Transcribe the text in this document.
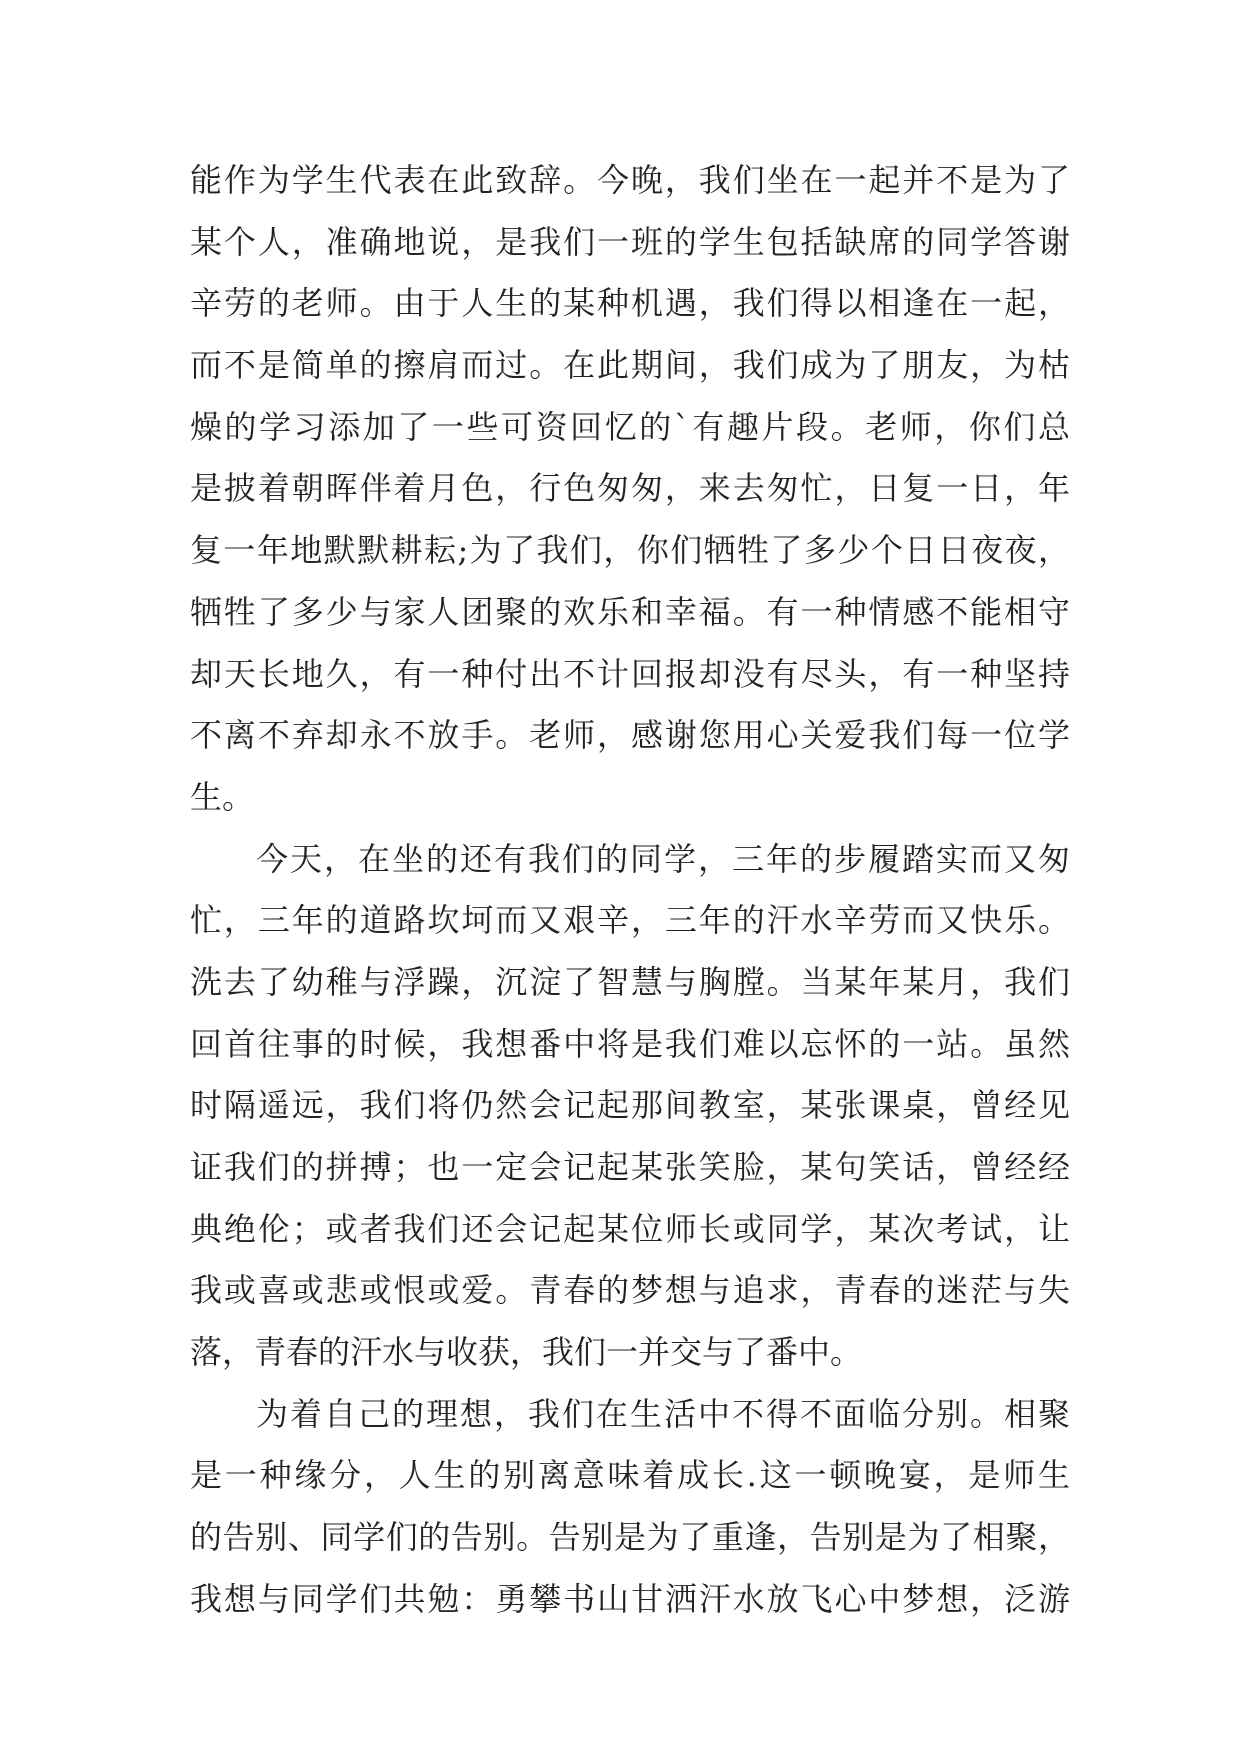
能作为学生代表在此致辞。今晚，我们坐在一起并不是为了
某个人，准确地说，是我们一班的学生包括缺席的同学答谢
辛劳的老师。由于人生的某种机遇，我们得以相逢在一起，
而不是简单的擦肩而过。在此期间，我们成为了朋友，为枯
燥的学习添加了一些可资回忆的`有趣片段。老师，你们总
是披着朝晖伴着月色，行色匆匆，来去匆忙，日复一日，年
复一年地默默耕耘;为了我们，你们牺牲了多少个日日夜夜，
牺牲了多少与家人团聚的欢乐和幸福。有一种情感不能相守
却天长地久，有一种付出不计回报却没有尽头，有一种坚持
不离不弃却永不放手。老师，感谢您用心关爱我们每一位学
生。
今天，在坐的还有我们的同学，三年的步履踏实而又匆
忙，三年的道路坎坷而又艰辛，三年的汗水辛劳而又快乐。
洗去了幼稚与浮躁，沉淀了智慧与胸膛。当某年某月，我们
回首往事的时候，我想番中将是我们难以忘怀的一站。虽然
时隔遥远，我们将仍然会记起那间教室，某张课桌，曾经见
证我们的拼搏；也一定会记起某张笑脸，某句笑话，曾经经
典绝伦；或者我们还会记起某位师长或同学，某次考试，让
我或喜或悲或恨或爱。青春的梦想与追求，青春的迷茫与失
落，青春的汗水与收获，我们一并交与了番中。
为着自己的理想，我们在生活中不得不面临分别。相聚
是一种缘分，人生的别离意味着成长.这一顿晚宴，是师生
的告别、同学们的告别。告别是为了重逢，告别是为了相聚，
我想与同学们共勉：勇攀书山甘洒汗水放飞心中梦想，泛游
